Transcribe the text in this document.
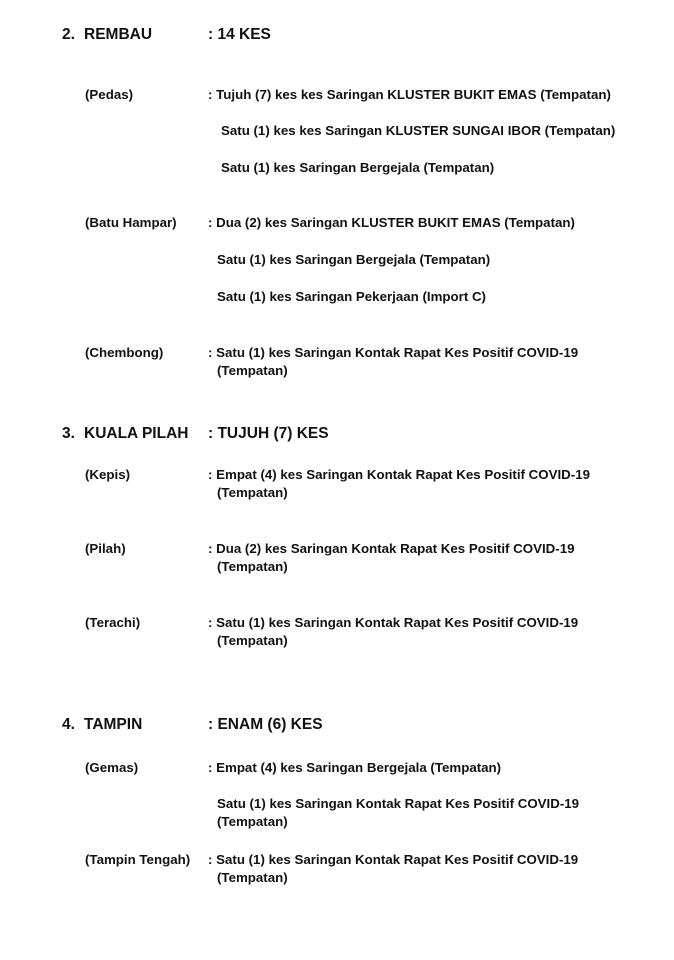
2. REMBAU	: 14 KES
(Pedas)	: Tujuh (7) kes kes Saringan KLUSTER BUKIT EMAS (Tempatan)
Satu (1) kes kes Saringan KLUSTER SUNGAI IBOR (Tempatan)
Satu (1) kes Saringan Bergejala (Tempatan)
(Batu Hampar) : Dua (2) kes Saringan KLUSTER BUKIT EMAS (Tempatan)
Satu (1) kes Saringan Bergejala (Tempatan)
Satu (1) kes Saringan Pekerjaan (Import C)
(Chembong)	: Satu (1) kes Saringan Kontak Rapat Kes Positif COVID-19
(Tempatan)
3. KUALA PILAH : TUJUH (7) KES
(Kepis)	: Empat (4) kes Saringan Kontak Rapat Kes Positif COVID-19
(Tempatan)
(Pilah)	: Dua (2) kes Saringan Kontak Rapat Kes Positif COVID-19
(Tempatan)
(Terachi)	: Satu (1) kes Saringan Kontak Rapat Kes Positif COVID-19
(Tempatan)
4. TAMPIN	: ENAM (6) KES
(Gemas)	: Empat (4) kes Saringan Bergejala (Tempatan)
Satu (1) kes Saringan Kontak Rapat Kes Positif COVID-19
(Tempatan)
(Tampin Tengah) : Satu (1) kes Saringan Kontak Rapat Kes Positif COVID-19
(Tempatan)
